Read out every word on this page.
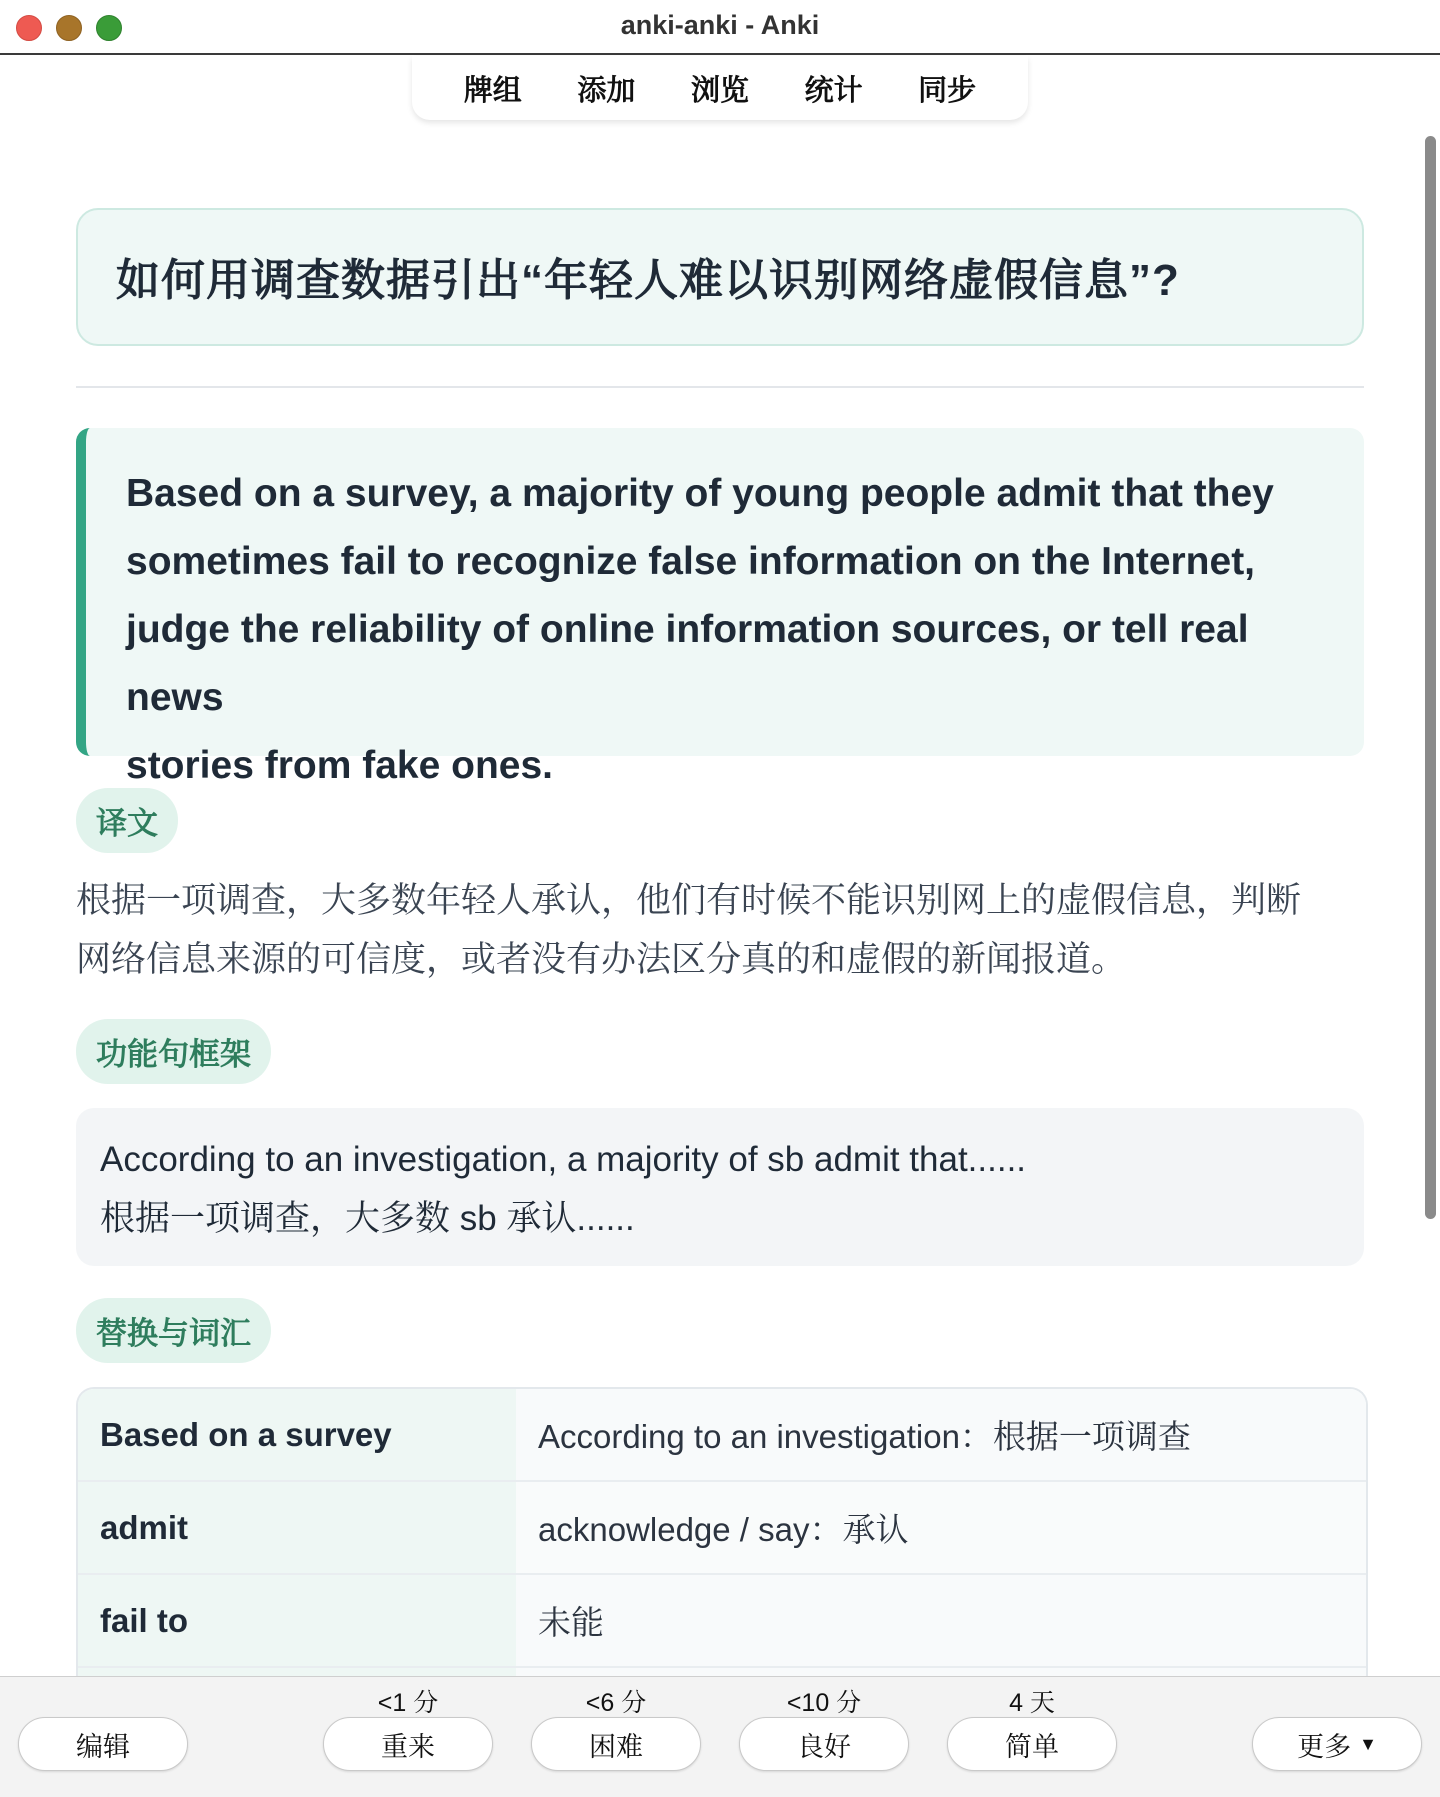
anki-anki - Anki
牌组 添加 浏览 统计 同步
如何用调查数据引出“年轻人难以识别网络虚假信息”?
Based on a survey, a majority of young people admit that they
sometimes fail to recognize false information on the Internet,
judge the reliability of online information sources, or tell real news
stories from fake ones.
译文
根据一项调查，大多数年轻人承认，他们有时候不能识别网上的虚假信息，判断
网络信息来源的可信度，或者没有办法区分真的和虚假的新闻报道。
功能句框架
According to an investigation, a majority of sb admit that......
根据一项调查，大多数 sb 承认......
替换与词汇
Based on a survey	According to an investigation：根据一项调查
admit	acknowledge / say：承认
fail to	未能
编辑
<1 分
重来
<6 分
困难
<10 分
良好
4 天
简单	更多 ▼
